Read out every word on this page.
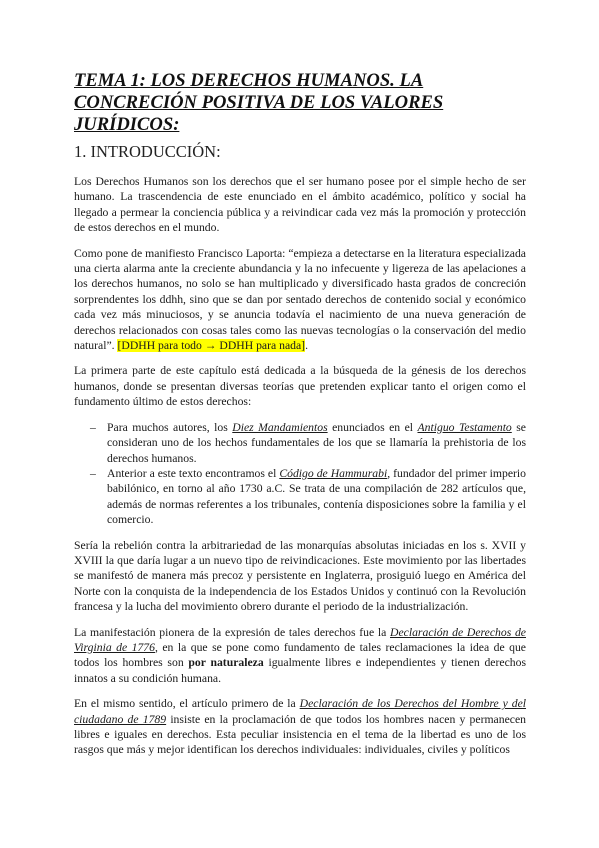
TEMA 1: LOS DERECHOS HUMANOS. LA CONCRECIÓN POSITIVA DE LOS VALORES JURÍDICOS:
1. INTRODUCCIÓN:

Los Derechos Humanos son los derechos que el ser humano posee por el simple hecho de ser humano. La trascendencia de este enunciado en el ámbito académico, político y social ha llegado a permear la conciencia pública y a reivindicar cada vez más la promoción y protección de estos derechos en el mundo.

Como pone de manifiesto Francisco Laporta: “empieza a detectarse en la literatura especializada una cierta alarma ante la creciente abundancia y la no infecuente y ligereza de las apelaciones a los derechos humanos, no solo se han multiplicado y diversificado hasta grados de concreción sorprendentes los ddhh, sino que se dan por sentado derechos de contenido social y económico cada vez más minuciosos, y se anuncia todavía el nacimiento de una nueva generación de derechos relacionados con cosas tales como las nuevas tecnologías o la conservación del medio natural”. [DDHH para todo → DDHH para nada].

La primera parte de este capítulo está dedicada a la búsqueda de la génesis de los derechos humanos, donde se presentan diversas teorías que pretenden explicar tanto el origen como el fundamento último de estos derechos:

– Para muchos autores, los Diez Mandamientos enunciados en el Antiguo Testamento se consideran uno de los hechos fundamentales de los que se llamaría la prehistoria de los derechos humanos.
– Anterior a este texto encontramos el Código de Hammurabi, fundador del primer imperio babilónico, en torno al año 1730 a.C. Se trata de una compilación de 282 artículos que, además de normas referentes a los tribunales, contenía disposiciones sobre la familia y el comercio.

Sería la rebelión contra la arbitrariedad de las monarquías absolutas iniciadas en los s. XVII y XVIII la que daría lugar a un nuevo tipo de reivindicaciones. Este movimiento por las libertades se manifestó de manera más precoz y persistente en Inglaterra, prosiguió luego en América del Norte con la conquista de la independencia de los Estados Unidos y continuó con la Revolución francesa y la lucha del movimiento obrero durante el periodo de la industrialización.

La manifestación pionera de la expresión de tales derechos fue la Declaración de Derechos de Virginia de 1776, en la que se pone como fundamento de tales reclamaciones la idea de que todos los hombres son por naturaleza igualmente libres e independientes y tienen derechos innatos a su condición humana.

En el mismo sentido, el artículo primero de la Declaración de los Derechos del Hombre y del ciudadano de 1789 insiste en la proclamación de que todos los hombres nacen y permanecen libres e iguales en derechos. Esta peculiar insistencia en el tema de la libertad es uno de los rasgos que más y mejor identifican los derechos individuales: individuales, civiles y políticos
